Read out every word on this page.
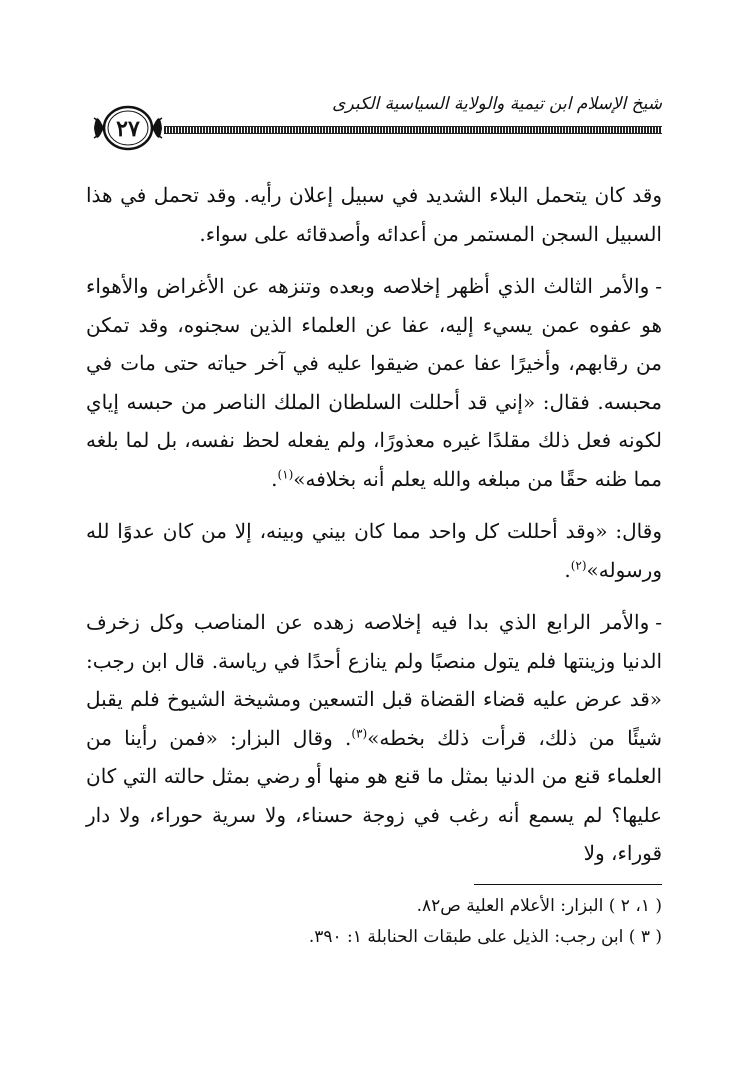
شيخ الإسلام ابن تيمية والولاية السياسية الكبرى
٢٧

وقد كان يتحمل البلاء الشديد في سبيل إعلان رأيه. وقد تحمل في هذا السبيل السجن المستمر من أعدائه وأصدقائه على سواء.

-والأمر الثالث الذي أظهر إخلاصه وبعده وتنزهه عن الأغراض والأهواء هو عفوه عمن يسيء إليه، عفا عن العلماء الذين سجنوه، وقد تمكن من رقابهم، وأخيرًا عفا عمن ضيقوا عليه في آخر حياته حتى مات في محبسه. فقال: «إني قد أحللت السلطان الملك الناصر من حبسه إياي لكونه فعل ذلك مقلدًا غيره معذورًا، ولم يفعله لحظ نفسه، بل لما بلغه مما ظنه حقًا من مبلغه والله يعلم أنه بخلافه»$^{(١)}$.

وقال: «وقد أحللت كل واحد مما كان بيني وبينه، إلا من كان عدوًا لله ورسوله»$^{(٢)}$.

-والأمر الرابع الذي بدا فيه إخلاصه زهده عن المناصب وكل زخرف الدنيا وزينتها فلم يتول منصبًا ولم ينازع أحدًا في رياسة. قال ابن رجب: «قد عرض عليه قضاء القضاة قبل التسعين ومشيخة الشيوخ فلم يقبل شيئًا من ذلك، قرأت ذلك بخطه»$^{(٣)}$. وقال البزار: «فمن رأينا من العلماء قنع من الدنيا بمثل ما قنع هو منها أو رضي بمثل حالته التي كان عليها؟ لم يسمع أنه رغب في زوجة حسناء، ولا سرية حوراء، ولا دار قوراء، ولا

( ١، ٢ ) البزار: الأعلام العلية ص٨٢.

( ٣ ) ابن رجب: الذيل على طبقات الحنابلة ١: ٣٩٠.
